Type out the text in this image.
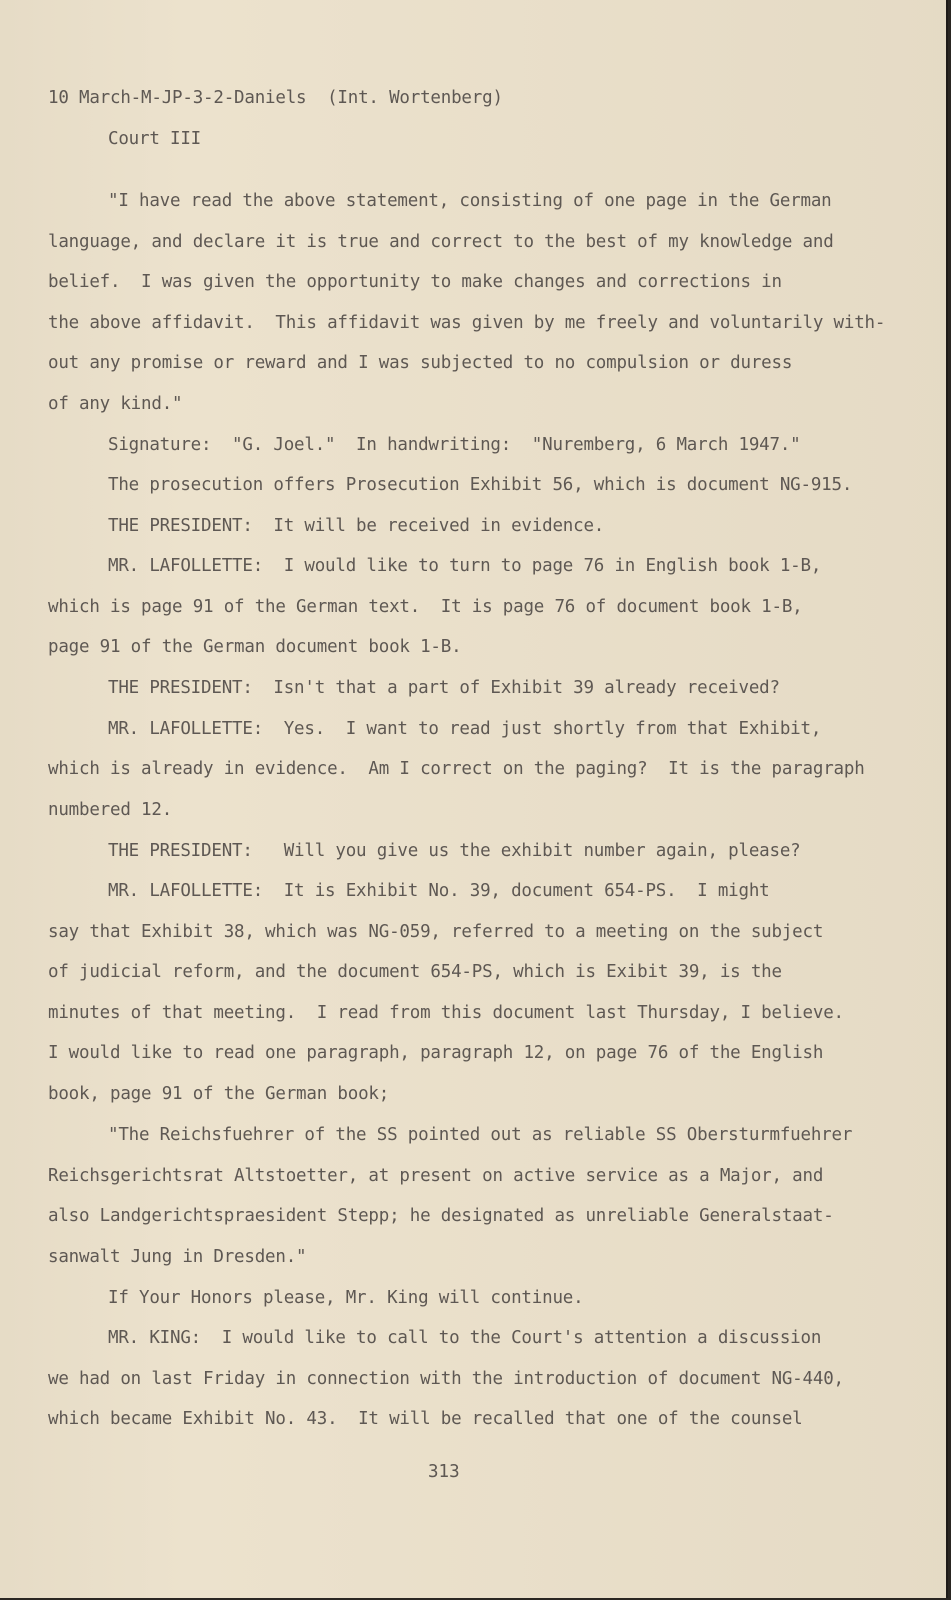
10 March-M-JP-3-2-Daniels  (Int. Wortenberg)
Court III
"I have read the above statement, consisting of one page in the German
language, and declare it is true and correct to the best of my knowledge and
belief.  I was given the opportunity to make changes and corrections in
the above affidavit.  This affidavit was given by me freely and voluntarily with-
out any promise or reward and I was subjected to no compulsion or duress
of any kind."
Signature:  "G. Joel."  In handwriting:  "Nuremberg, 6 March 1947."
The prosecution offers Prosecution Exhibit 56, which is document NG-915.
THE PRESIDENT:  It will be received in evidence.
MR. LAFOLLETTE:  I would like to turn to page 76 in English book 1-B,
which is page 91 of the German text.  It is page 76 of document book 1-B,
page 91 of the German document book 1-B.
THE PRESIDENT:  Isn't that a part of Exhibit 39 already received?
MR. LAFOLLETTE:  Yes.  I want to read just shortly from that Exhibit,
which is already in evidence.  Am I correct on the paging?  It is the paragraph
numbered 12.
THE PRESIDENT:   Will you give us the exhibit number again, please?
MR. LAFOLLETTE:  It is Exhibit No. 39, document 654-PS.  I might
say that Exhibit 38, which was NG-059, referred to a meeting on the subject
of judicial reform, and the document 654-PS, which is Exibit 39, is the
minutes of that meeting.  I read from this document last Thursday, I believe.
I would like to read one paragraph, paragraph 12, on page 76 of the English
book, page 91 of the German book;
"The Reichsfuehrer of the SS pointed out as reliable SS Obersturmfuehrer
Reichsgerichtsrat Altstoetter, at present on active service as a Major, and
also Landgerichtspraesident Stepp; he designated as unreliable Generalstaat-
sanwalt Jung in Dresden."
If Your Honors please, Mr. King will continue.
MR. KING:  I would like to call to the Court's attention a discussion
we had on last Friday in connection with the introduction of document NG-440,
which became Exhibit No. 43.  It will be recalled that one of the counsel
313
